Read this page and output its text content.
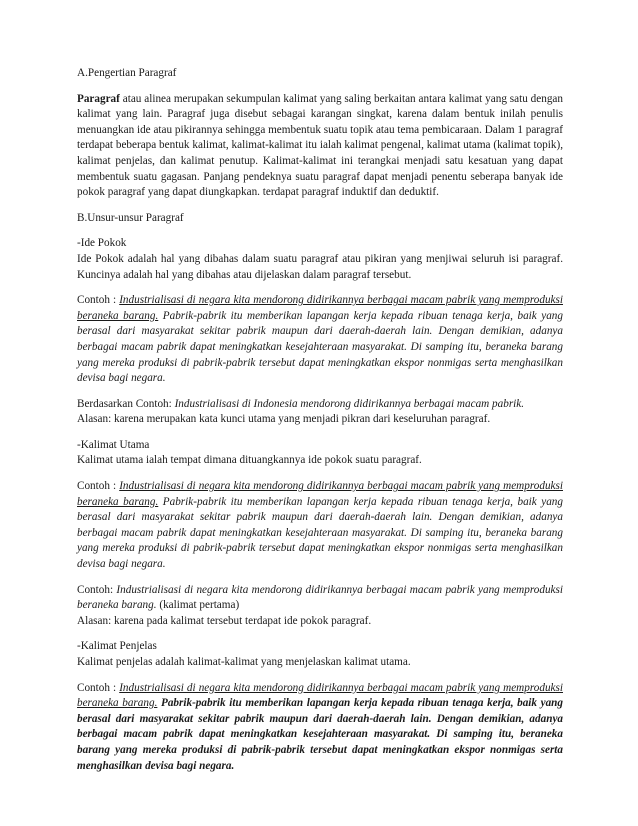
A.Pengertian Paragraf

Paragraf atau alinea merupakan sekumpulan kalimat yang saling berkaitan antara kalimat yang satu dengan kalimat yang lain. Paragraf juga disebut sebagai karangan singkat, karena dalam bentuk inilah penulis menuangkan ide atau pikirannya sehingga membentuk suatu topik atau tema pembicaraan. Dalam 1 paragraf terdapat beberapa bentuk kalimat, kalimat-kalimat itu ialah kalimat pengenal, kalimat utama (kalimat topik), kalimat penjelas, dan kalimat penutup. Kalimat-kalimat ini terangkai menjadi satu kesatuan yang dapat membentuk suatu gagasan. Panjang pendeknya suatu paragraf dapat menjadi penentu seberapa banyak ide pokok paragraf yang dapat diungkapkan. terdapat paragraf induktif dan deduktif.

B.Unsur-unsur Paragraf

-Ide Pokok

Ide Pokok adalah hal yang dibahas dalam suatu paragraf atau pikiran yang menjiwai seluruh isi paragraf. Kuncinya adalah hal yang dibahas atau dijelaskan dalam paragraf tersebut.

Contoh : Industrialisasi di negara kita mendorong didirikannya berbagai macam pabrik yang memproduksi beraneka barang. Pabrik-pabrik itu memberikan lapangan kerja kepada ribuan tenaga kerja, baik yang berasal dari masyarakat sekitar pabrik maupun dari daerah-daerah lain. Dengan demikian, adanya berbagai macam pabrik dapat meningkatkan kesejahteraan masyarakat. Di samping itu, beraneka barang yang mereka produksi di pabrik-pabrik tersebut dapat meningkatkan ekspor nonmigas serta menghasilkan devisa bagi negara.

Berdasarkan Contoh: Industrialisasi di Indonesia mendorong didirikannya berbagai macam pabrik.

Alasan: karena merupakan kata kunci utama yang menjadi pikran dari keseluruhan paragraf.

-Kalimat Utama

Kalimat utama ialah tempat dimana dituangkannya ide pokok suatu paragraf.

Contoh : Industrialisasi di negara kita mendorong didirikannya berbagai macam pabrik yang memproduksi beraneka barang. Pabrik-pabrik itu memberikan lapangan kerja kepada ribuan tenaga kerja, baik yang berasal dari masyarakat sekitar pabrik maupun dari daerah-daerah lain. Dengan demikian, adanya berbagai macam pabrik dapat meningkatkan kesejahteraan masyarakat. Di samping itu, beraneka barang yang mereka produksi di pabrik-pabrik tersebut dapat meningkatkan ekspor nonmigas serta menghasilkan devisa bagi negara.

Contoh: Industrialisasi di negara kita mendorong didirikannya berbagai macam pabrik yang memproduksi beraneka barang. (kalimat pertama)

Alasan: karena pada kalimat tersebut terdapat ide pokok paragraf.

-Kalimat Penjelas

Kalimat penjelas adalah kalimat-kalimat yang menjelaskan kalimat utama.

Contoh : Industrialisasi di negara kita mendorong didirikannya berbagai macam pabrik yang memproduksi beraneka barang. Pabrik-pabrik itu memberikan lapangan kerja kepada ribuan tenaga kerja, baik yang berasal dari masyarakat sekitar pabrik maupun dari daerah-daerah lain. Dengan demikian, adanya berbagai macam pabrik dapat meningkatkan kesejahteraan masyarakat. Di samping itu, beraneka barang yang mereka produksi di pabrik-pabrik tersebut dapat meningkatkan ekspor nonmigas serta menghasilkan devisa bagi negara.
